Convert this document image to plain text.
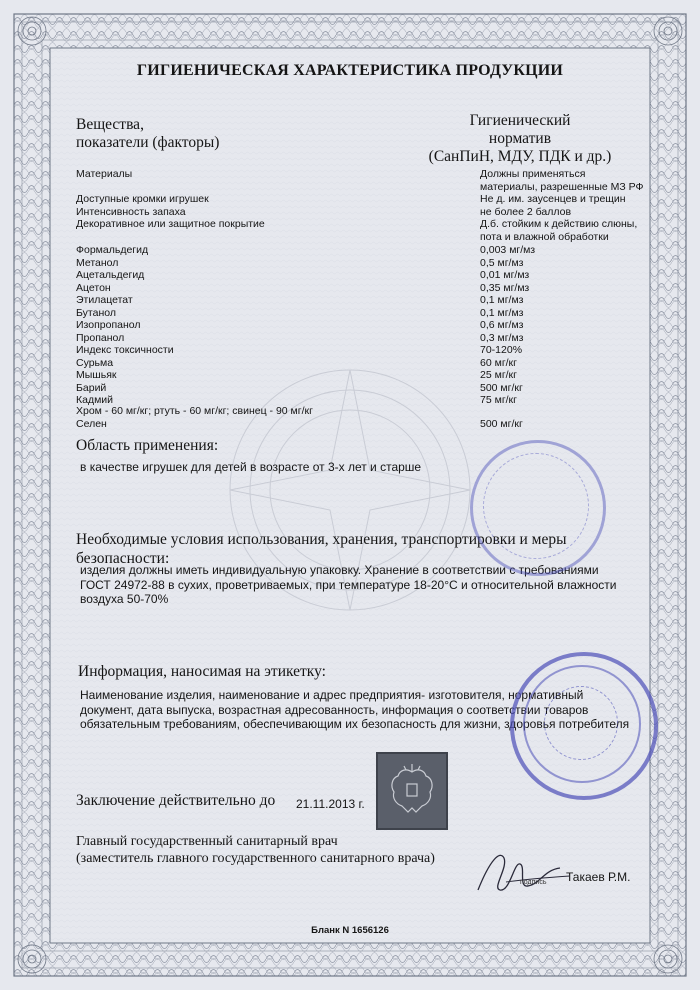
ГИГИЕНИЧЕСКАЯ ХАРАКТЕРИСТИКА ПРОДУКЦИИ
Вещества,
показатели (факторы)
Гигиенический
норматив
(СанПиН, МДУ, ПДК и др.)
Материалы	Должны применяться
материалы, разрешенные МЗ РФ
Доступные кромки игрушек	Не д. им. заусенцев и трещин
Интенсивность запаха	не более 2 баллов
Декоративное или защитное покрытие	Д.б. стойким к действию слюны,
пота и влажной обработки
Формальдегид	0,003 мг/мз
Метанол	0,5 мг/мз
Ацетальдегид	0,01 мг/мз
Ацетон	0,35 мг/мз
Этилацетат	0,1 мг/мз
Бутанол	0,1 мг/мз
Изопропанол	0,6 мг/мз
Пропанол	0,3 мг/мз
Индекс токсичности	70-120%
Сурьма	60 мг/кг
Мышьяк	25 мг/кг
Барий	500 мг/кг
Кадмий	75 мг/кг
Хром - 60 мг/кг; ртуть - 60 мг/кг; свинец - 90 мг/кг
Селен	500 мг/кг
Область применения:
в качестве игрушек для детей в возрасте от 3-х лет и старше
Необходимые условия использования, хранения, транспортировки и меры
безопасности:
изделия должны иметь индивидуальную упаковку. Хранение в соответствии с требованиями
ГОСТ 24972-88 в сухих, проветриваемых, при температуре 18-20°С и относительной влажности
воздуха 50-70%
Информация, наносимая на этикетку:
Наименование изделия, наименование и адрес предприятия- изготовителя, нормативный
документ, дата выпуска, возрастная адресованность, информация о соответствии товаров
обязательным требованиям, обеспечивающим их безопасность для жизни, здоровья потребителя
Заключение действительно до 21.11.2013 г.
Главный государственный санитарный врач
(заместитель главного государственного санитарного врача)
Такаев Р.М.
подпись
Бланк N 1656126
